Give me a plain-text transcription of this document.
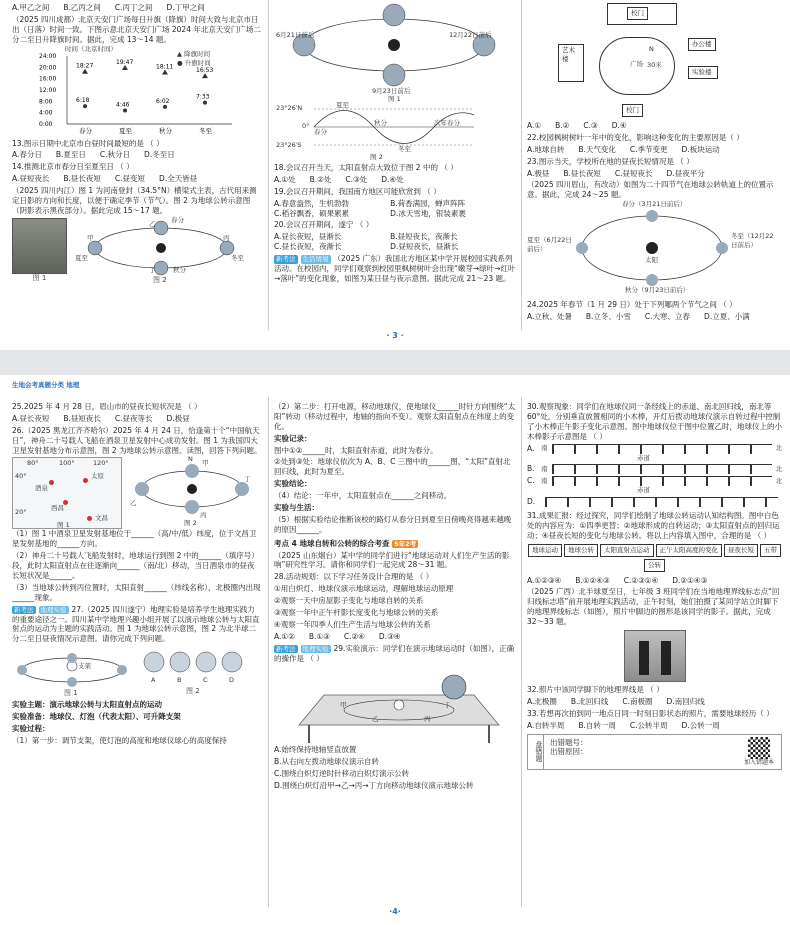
A.甲乙之间 B.乙丙之间 C.丙丁之间 D.丁甲之间
（2025 四川成都）北京天安门广场每日升旗（降旗）时间大致与北京市日出（日落）时间一致。下图示意北京天安门广场 2024 年北京天安门广场二分二至日升降旗时间。据此，完成 13～14 题。
0:00
4:00
8:00
12:00
16:00
20:00
24:00
春分	夏至	秋分	冬至
18:27
6:18
19:47
4:46
18:11
6:02
16:53
7:33
时间（北京时间）
▲ 降旗时间
● 升旗时间
13.图示日期中北京市白昼时间最短的是 （ ）
A.春分日 B.夏至日 C.秋分日 D.冬至日
14.推测北京市春分日至夏至日 （ ）
A.昼短夜长 B.昼长夜短 C.昼变短 D.全天皆昼
（2025 四川内江）图 1 为河南登封（34.5°N）横梁式主表，古代用来测定日影的方向和长度，以便于确定季节（节气）。图 2 为地球公转示意图（阴影表示黑夜部分）。据此完成 15～17 题。
图 1
春分
夏至
秋分
冬至
甲
乙
丙
丁
图 2
6月21日前后	12月22日前后
9月23日前后
图 1
23°26′N
0°
23°26′S
春分
秋分	次年春分
夏至
冬至
图 2
18.会议召开当天，太阳直射点大致位于图 2 中的 （ ）
A.①处 B.②处 C.③处 D.④处
19.会议召开期间，我国南方地区可能欣赏到 （ ）
A.春意盎然，生机勃勃	B.荷香满园，蝉声阵阵
C.稻谷飘香，硕果累累	D.冰天雪地，银装素裹
20.会议召开期间，遂宁 （ ）
A.昼长夜短，昼渐长	B.昼短夜长，夜渐长
C.昼长夜短，夜渐长	D.昼短夜长，昼渐长
新考法 生活情境 （2025 广东）我国北方地区某中学开展校园实践系列活动。在校园内，同学们观察到校园里枫树树叶会出现“嫩芽→绿叶→红叶→落叶”的变化现象，如图为某日昼与夜示意图。据此完成 21～23 题。
校门
艺术楼
广场
办公楼
实验楼
校门
N
30米
A.① B.② C.③ D.④
22.校园枫树树叶一年中的变化，影响这种变化的主要原因是（ ）
A.地球自转 B.天气变化 C.季节变更 D.板块运动
23.图示当天，学校所在地的昼夜长短情况是 （ ）
A.极昼 B.昼长夜短 C.昼短夜长 D.昼夜平分
（2025 四川眉山，有改动）如图为二十四节气在地球公转轨道上的位置示意。据此，完成 24～25 题。
春分（3月21日前后）
夏至（6月22日前后）
冬至（12月22日前后）
秋分（9月23日前后）
太阳
24.2025 年春节（1 月 29 日）处于下列哪两个节气之间 （ ）
A.立秋、处暑 B.立冬、小雪 C.大寒、立春 D.立夏、小满
· 3 ·
生地会考真题分类 地理
25.2025 年 4 月 28 日，眉山市的昼夜长短状况是 （ ）
A.昼长夜短 B.昼短夜长 C.昼夜等长 D.极昼
26.（2025 黑龙江齐齐哈尔）2025 年 4 月 24 日，恰逢第十个“中国航天日”，神舟二十号载人飞船在酒泉卫星发射中心成功发射。图 1 为我国四大卫星发射基地分布示意图，图 2 为地球公转示意图。读图，回答下列问题。
酒泉
太原
西昌
文昌
80°	100°	120°
40°
20°
图 1
甲
乙
丙
丁
N
图 2
（1）图 1 中酒泉卫星发射基地位于______（高/中/低）纬度，位于文昌卫星发射基地的______方向。
（2）神舟二十号载人飞船发射时，地球运行到图 2 中的______（填序号）段，此时太阳直射点在往逐渐向______（南/北）移动，当日酒泉市的昼夜长短状况是______。
（3）当地球公转到丙位置时，太阳直射______（纬线名称），北极圈内出现______现象。
新考法 地理实验 27.（2025 四川遂宁）地理实验是培养学生地理实践力的重要途径之一。四川某中学地理兴趣小组开展了以演示地球公转与太阳直射点的运动为主题的实践活动。图 1 为地球公转示意图，图 2 为北半球二分二至日昼夜情况示意图。请你完成下列问题。
支架
图 1
A	B	C	D
图 2
实验主题：演示地球公转与太阳直射点的运动
实验准备：地球仪、灯泡（代表太阳）、可升降支架
实验过程：
（1）第一步：调节支架，使灯泡的高度和地球仪球心的高度保持
（2）第二步：打开电源，移动地球仪，使地球仪______时针方向围绕“太阳”转动（移动过程中，地轴的指向不变）。观察太阳直射点在纬度上的变化。
实验记录：
图中①②______时，太阳直射赤道，此时为春分。
②处到③处：地球仪依次为 A、B、C 三图中的______图，“太阳”直射北回归线，此时为夏至。
实验结论：
（4）结论：一年中，太阳直射点在______之间移动。
实验与生活：
（5）根据实验结论推断该校的路灯从春分日到夏至日傍晚亮得越来越晚的原因______。
考点 4 地球自转和公转的综合考查 5年2考
（2025 山东烟台）某中学的同学们进行“地球运动对人们生产生活的影响”研究性学习。请你和同学们一起完成 28～31 题。
28.活动规划：以下学习任务设计合理的是 （ ）
①用白炽灯、地球仪演示地球运动，理解地球运动原理
②观察一天中房屋影子变化与地球自转的关系
③观察一年中正午杆影长度变化与地球公转的关系
④观察一年四季人们生产生活与地球公转的关系
A.①② B.①③ C.②④ D.③④
新考法 地理实验 29.实验演示：同学们在演示地球运动时（如图），正确的操作是 （ ）
甲
乙	丙
丁
A.始终保持地轴竖直放置
B.从右向左拨动地球仪演示自转
C.围绕白炽灯逆时针移动白炽灯演示公转
D.围绕白炽灯沿甲→乙→丙→丁方向移动地球仪演示地球公转
30.观察现象：同学们在地球仪同一条经线上的赤道、南北回归线，南北等 60°处，分别垂直放置相同的小木棒，开灯后拨动地球仪演示自转过程中控制了小木棒正午影子变化示意图。图中地球仪位于图中位置乙时，地球仪上的小木棒影子示意图是 （ ）
A.	南	北
赤道
B. 南	北
C. 南	北
赤道
D.
31.成果汇报：经过探究，同学们绘制了地球公转运动认知结构图。图中白色处的内容应为：①四季更替；②地球形成的自转运动；③太阳直射点的回归运动；④昼夜长短的变化与地球公转。将以上内容填入图中，合理的是 （ ）
地球运动	地球公转	太阳直射点运动	正午太阳高度的变化	昼夜长短	五带
公转
A.①②③④ B.①②④③ C.②③①④ D.②①④③
（2025 广西）北半球夏至日，七年级 3 班同学们在当地地理界线标志点“回归线标志塔”前开展地理实践活动，正午时刻，她们拍摄了某同学站立时脚下的地理界线标志（如图），照片中脚边的图形是该同学的影子。据此，完成 32～33 题。
32.照片中该同学脚下的地理界线是 （ ）
A.北极圈 B.北回归线 C.南极圈 D.南回归线
33.若想再次拍到同一地点日同一时刻日影状态的照片，需要地球经历（ ）
A.自转半周 B.自转一周 C.公转半周 D.公转一周
盘错题 出错题号：
出错原因：
加入错题本
·4·
